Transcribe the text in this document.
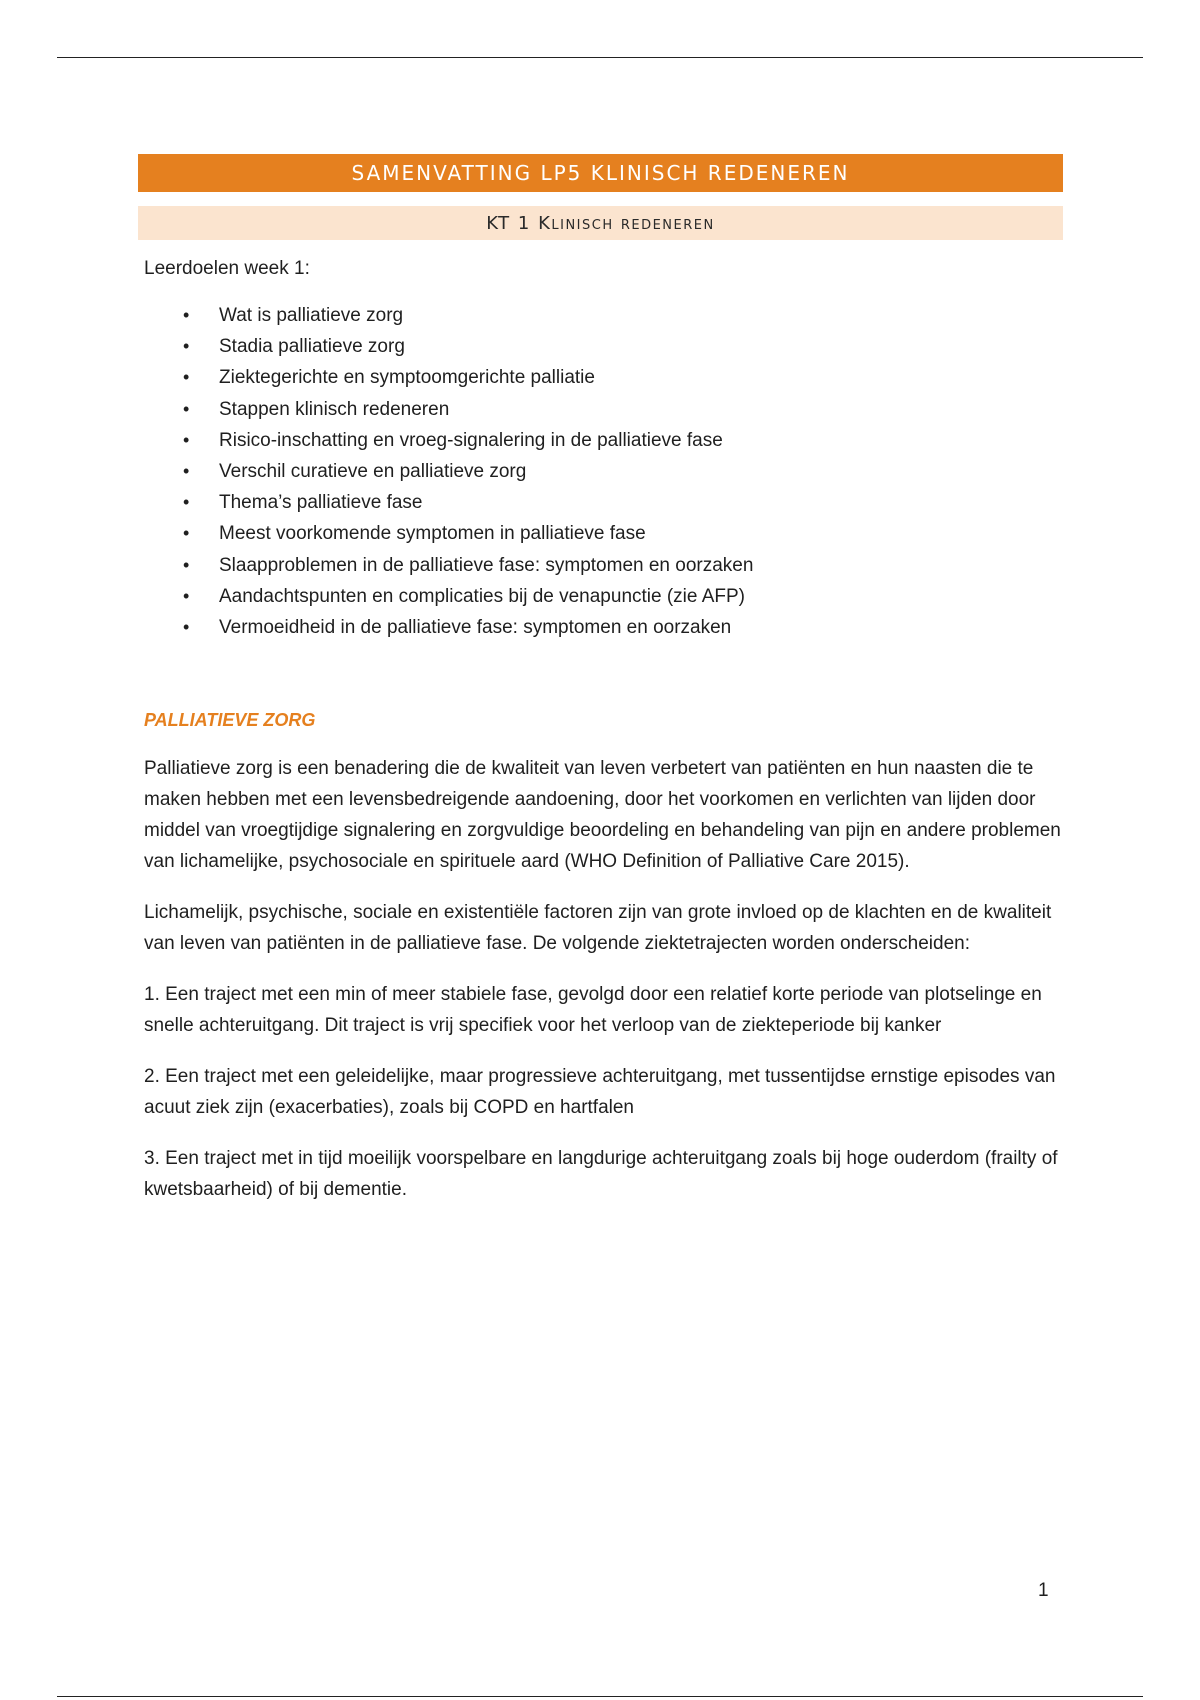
SAMENVATTING LP5 KLINISCH REDENEREN
KT 1 Klinisch redeneren
Leerdoelen week 1:
• Wat is palliatieve zorg
• Stadia palliatieve zorg
• Ziektegerichte en symptoomgerichte palliatie
• Stappen klinisch redeneren
• Risico-inschatting en vroeg-signalering in de palliatieve fase
• Verschil curatieve en palliatieve zorg
• Thema’s palliatieve fase
• Meest voorkomende symptomen in palliatieve fase
• Slaapproblemen in de palliatieve fase: symptomen en oorzaken
• Aandachtspunten en complicaties bij de venapunctie (zie AFP)
• Vermoeidheid in de palliatieve fase: symptomen en oorzaken
PALLIATIEVE ZORG

Palliatieve zorg is een benadering die de kwaliteit van leven verbetert van patiënten en hun naasten die te maken hebben met een levensbedreigende aandoening, door het voorkomen en verlichten van lijden door middel van vroegtijdige signalering en zorgvuldige beoordeling en behandeling van pijn en andere problemen van lichamelijke, psychosociale en spirituele aard (WHO Definition of Palliative Care 2015).

Lichamelijk, psychische, sociale en existentiële factoren zijn van grote invloed op de klachten en de kwaliteit van leven van patiënten in de palliatieve fase. De volgende ziektetrajecten worden onderscheiden:

1. Een traject met een min of meer stabiele fase, gevolgd door een relatief korte periode van plotselinge en snelle achteruitgang. Dit traject is vrij specifiek voor het verloop van de ziekteperiode bij kanker

2. Een traject met een geleidelijke, maar progressieve achteruitgang, met tussentijdse ernstige episodes van acuut ziek zijn (exacerbaties), zoals bij COPD en hartfalen

3. Een traject met in tijd moeilijk voorspelbare en langdurige achteruitgang zoals bij hoge ouderdom (frailty of kwetsbaarheid) of bij dementie.

1
